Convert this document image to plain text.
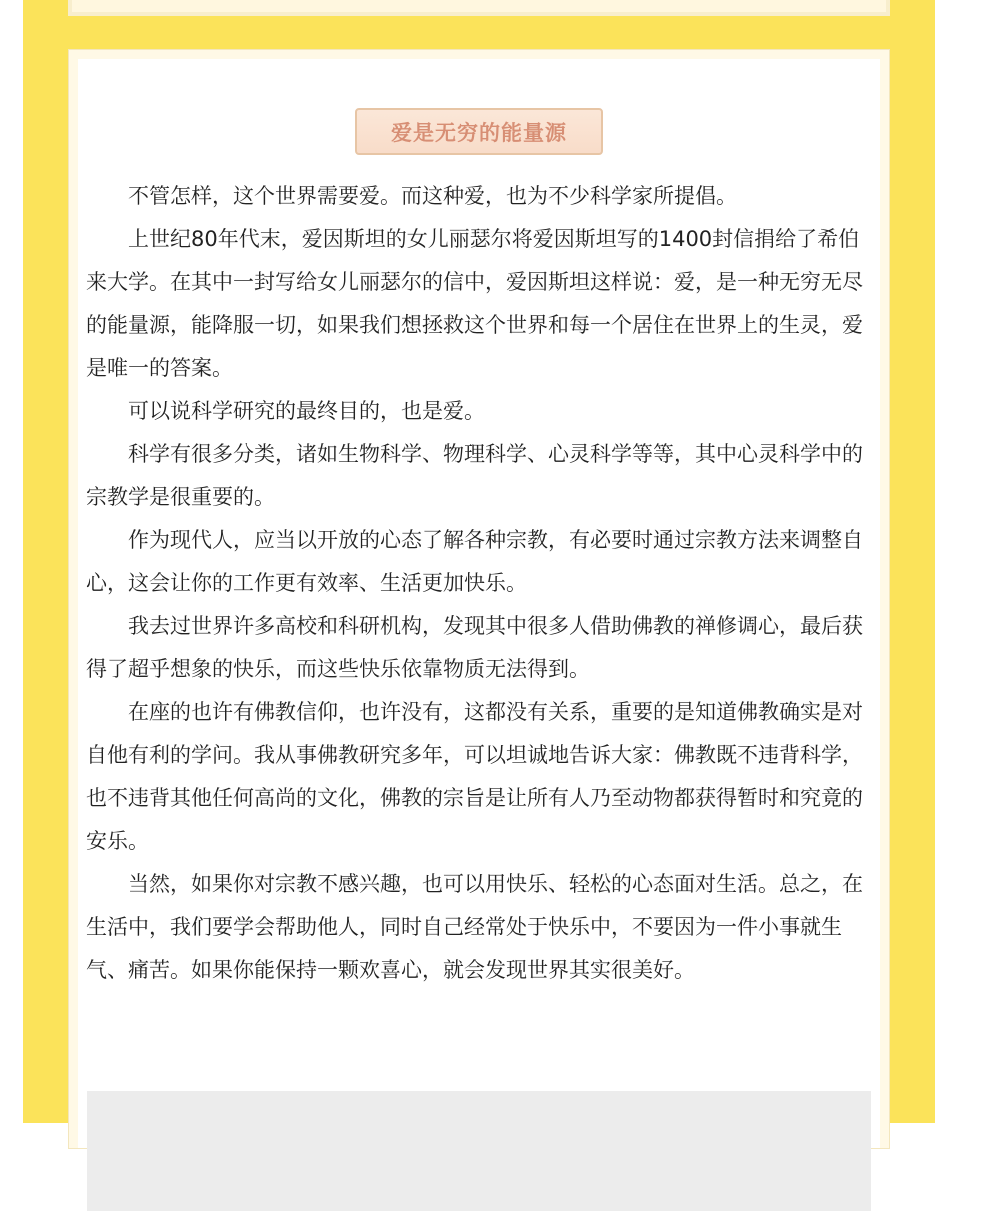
爱是无穷的能量源

不管怎样，这个世界需要爱。而这种爱，也为不少科学家所提倡。

上世纪80年代末，爱因斯坦的女儿丽瑟尔将爱因斯坦写的1400封信捐给了希伯来大学。在其中一封写给女儿丽瑟尔的信中，爱因斯坦这样说：爱，是一种无穷无尽的能量源，能降服一切，如果我们想拯救这个世界和每一个居住在世界上的生灵，爱是唯一的答案。

可以说科学研究的最终目的，也是爱。

科学有很多分类，诸如生物科学、物理科学、心灵科学等等，其中心灵科学中的宗教学是很重要的。

作为现代人，应当以开放的心态了解各种宗教，有必要时通过宗教方法来调整自心，这会让你的工作更有效率、生活更加快乐。

我去过世界许多高校和科研机构，发现其中很多人借助佛教的禅修调心，最后获得了超乎想象的快乐，而这些快乐依靠物质无法得到。

在座的也许有佛教信仰，也许没有，这都没有关系，重要的是知道佛教确实是对自他有利的学问。我从事佛教研究多年，可以坦诚地告诉大家：佛教既不违背科学，也不违背其他任何高尚的文化，佛教的宗旨是让所有人乃至动物都获得暂时和究竟的安乐。

当然，如果你对宗教不感兴趣，也可以用快乐、轻松的心态面对生活。总之，在生活中，我们要学会帮助他人，同时自己经常处于快乐中，不要因为一件小事就生气、痛苦。如果你能保持一颗欢喜心，就会发现世界其实很美好。
